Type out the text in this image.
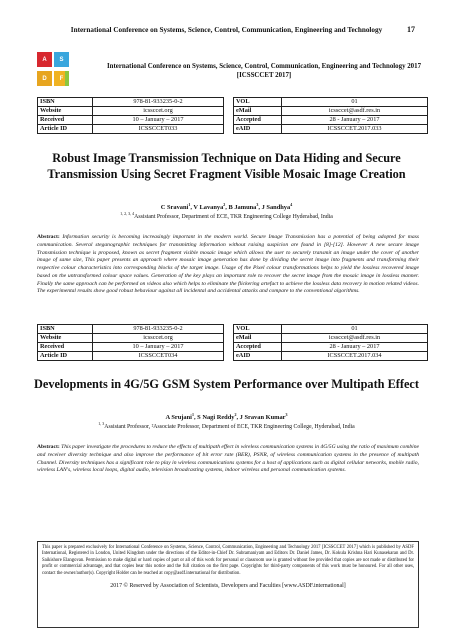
International Conference on Systems, Science, Control, Communication, Engineering and Technology	17
A	S
D	F
International Conference on Systems, Science, Control, Communication, Engineering and Technology 2017 [ICSSCCET 2017]
ISBN	978-81-933235-0-2
Website	icssccet.org
Received	10 – January – 2017
Article ID	ICSSCCET033
VOL	01
eMail	icssccet@asdf.res.in
Accepted	28 - January – 2017
eAID	ICSSCCET.2017.033
Robust Image Transmission Technique on Data Hiding and Secure Transmission Using Secret Fragment Visible Mosaic Image Creation
C Sravani$^1$, V Lavanya$^2$, B Jamuna$^3$, J Sandhya$^4$
$^{1, 2, 3, 4}$Assistant Professor, Department of ECE, TKR Engineering College Hyderabad, India
Abstract: Information security is becoming increasingly important in the modern world. Secure Image Transmission has a potential of being adopted for mass communication. Several steganographic techniques for transmitting information without raising suspicion are found in [8]-[12]. However A new secure image Transmission technique is proposed, known as secret fragment visible mosaic image which allows the user to securely transmit an image under the cover of another image of same size, This paper presents an approach where mosaic image generation has done by dividing the secret image into fragments and transforming their respective colour characteristics into corresponding blocks of the target image. Usage of the Pixel colour transformations helps to yield the lossless recovered image based on the untransformed colour space values. Generation of the key plays an important role to recover the secret image from the mosaic image in lossless manner. Finally the same approach can be performed on videos also which helps to eliminate the flickering artefact to achieve the lossless data recovery in motion related videos. The experimental results show good robust behaviour against all incidental and accidental attacks and compare to the conventional algorithms.
ISBN	978-81-933235-0-2
Website	icssccet.org
Received	10 – January – 2017
Article ID	ICSSCCET034
VOL	01
eMail	icssccet@asdf.res.in
Accepted	28 - January – 2017
eAID	ICSSCCET.2017.034
Developments in 4G/5G GSM System Performance over Multipath Effect
A Srujani$^1$, S Nagi Reddy$^2$, J Sravan Kumar$^3$
$^{1, 3}$Assistant Professor, ²Associate Professor, Department of ECE, TKR Engineering College, Hyderabad, India
Abstract: This paper investigate the procedures to reduce the effects of multipath effect in wireless communication systems in 4G/5G using the ratio of maximum combine and receiver diversity technique and also improve the performance of bit error rate (BER), PSNR, of wireless communication systems in the presence of multipath Channel. Diversity techniques has a significant role to play in wireless communications systems for a host of applications such as digital cellular networks, mobile radio, wireless LAN's, wireless local loops, digital audio, television broadcasting systems, indoor wireless and personal communication systems.
This paper is prepared exclusively for International Conference on Systems, Science, Control, Communication, Engineering and Technology 2017 [ICSSCCET 2017] which is published by ASDF International, Registered in London, United Kingdom under the directions of the Editor-in-Chief Dr. Subramaniyam and Editors Dr. Daniel James, Dr. Kokula Krishna Hari Kunasekaran and Dr. Saikishore Elangovan. Permission to make digital or hard copies of part or all of this work for personal or classroom use is granted without fee provided that copies are not made or distributed for profit or commercial advantage, and that copies bear this notice and the full citation on the first page. Copyrights for third-party components of this work must be honoured. For all other uses, contact the owner/author(s). Copyright Holder can be reached at copy@asdf.international for distribution.
2017 © Reserved by Association of Scientists, Developers and Faculties [www.ASDF.international]
